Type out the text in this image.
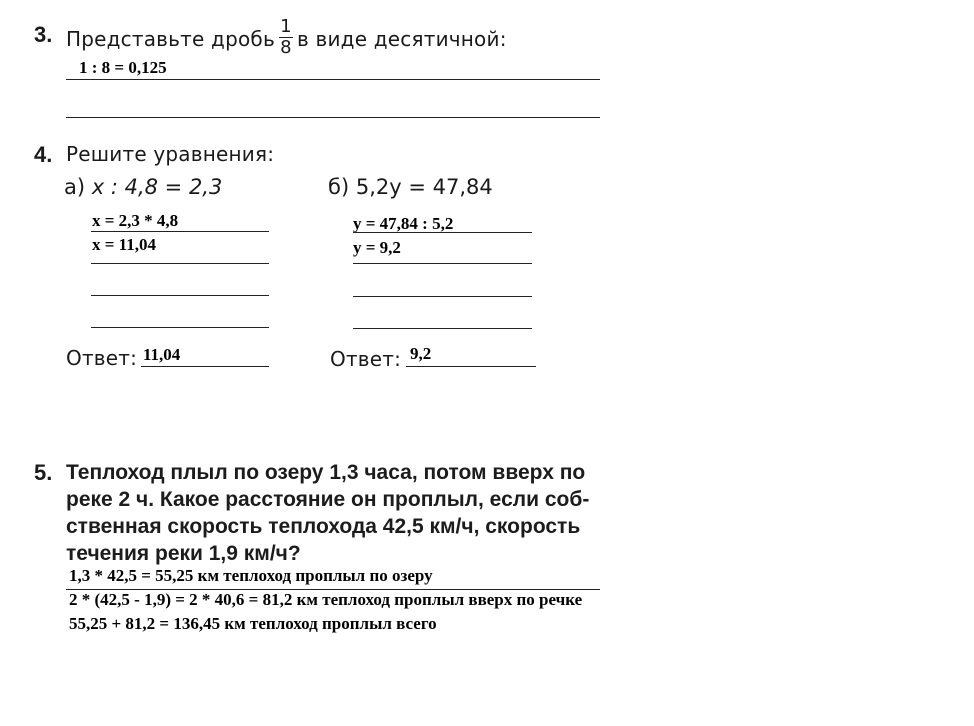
3. Представьте дробь $\frac{1}{8}$ в виде десятичной:
1 : 8 = 0,125
4. Решите уравнения:
а) x : 4,8 = 2,3
x = 2,3 * 4,8
x = 11,04
Ответ: 11,04
б) 5,2y = 47,84
y = 47,84 : 5,2
y = 9,2
Ответ: 9,2
5. Теплоход плыл по озеру 1,3 часа, потом вверх по
реке 2 ч. Какое расстояние он проплыл, если соб-
ственная скорость теплохода 42,5 км/ч, скорость
течения реки 1,9 км/ч?
1,3 * 42,5 = 55,25 км теплоход проплыл по озеру
2 * (42,5 - 1,9) = 2 * 40,6 = 81,2 км теплоход проплыл вверх по речке
55,25 + 81,2 = 136,45 км теплоход проплыл всего
